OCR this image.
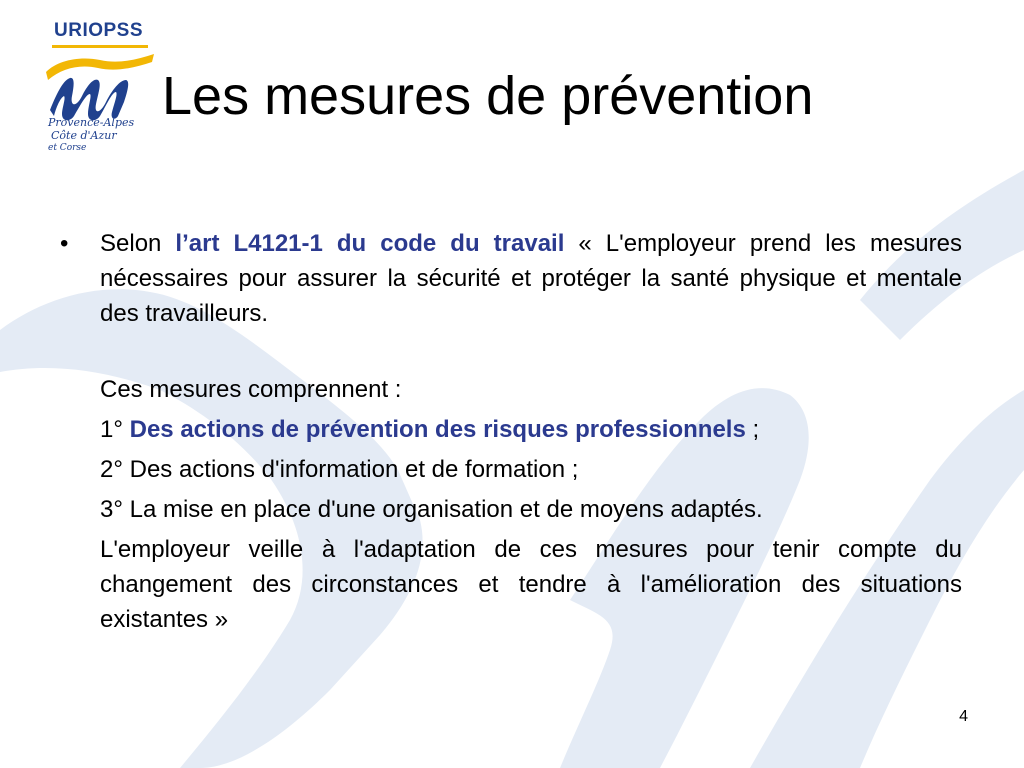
URIOPSS
Provence-Alpes
Côte d'Azur
et Corse
Les mesures de prévention
• Selon l’art L4121-1 du code du travail « L'employeur prend les mesures nécessaires pour assurer la sécurité et protéger la santé physique et mentale des travailleurs.

Ces mesures comprennent :

1° Des actions de prévention des risques professionnels ;

2° Des actions d'information et de formation ;

3° La mise en place d'une organisation et de moyens adaptés.

L'employeur veille à l'adaptation de ces mesures pour tenir compte du changement des circonstances et tendre à l'amélioration des situations existantes »

4
